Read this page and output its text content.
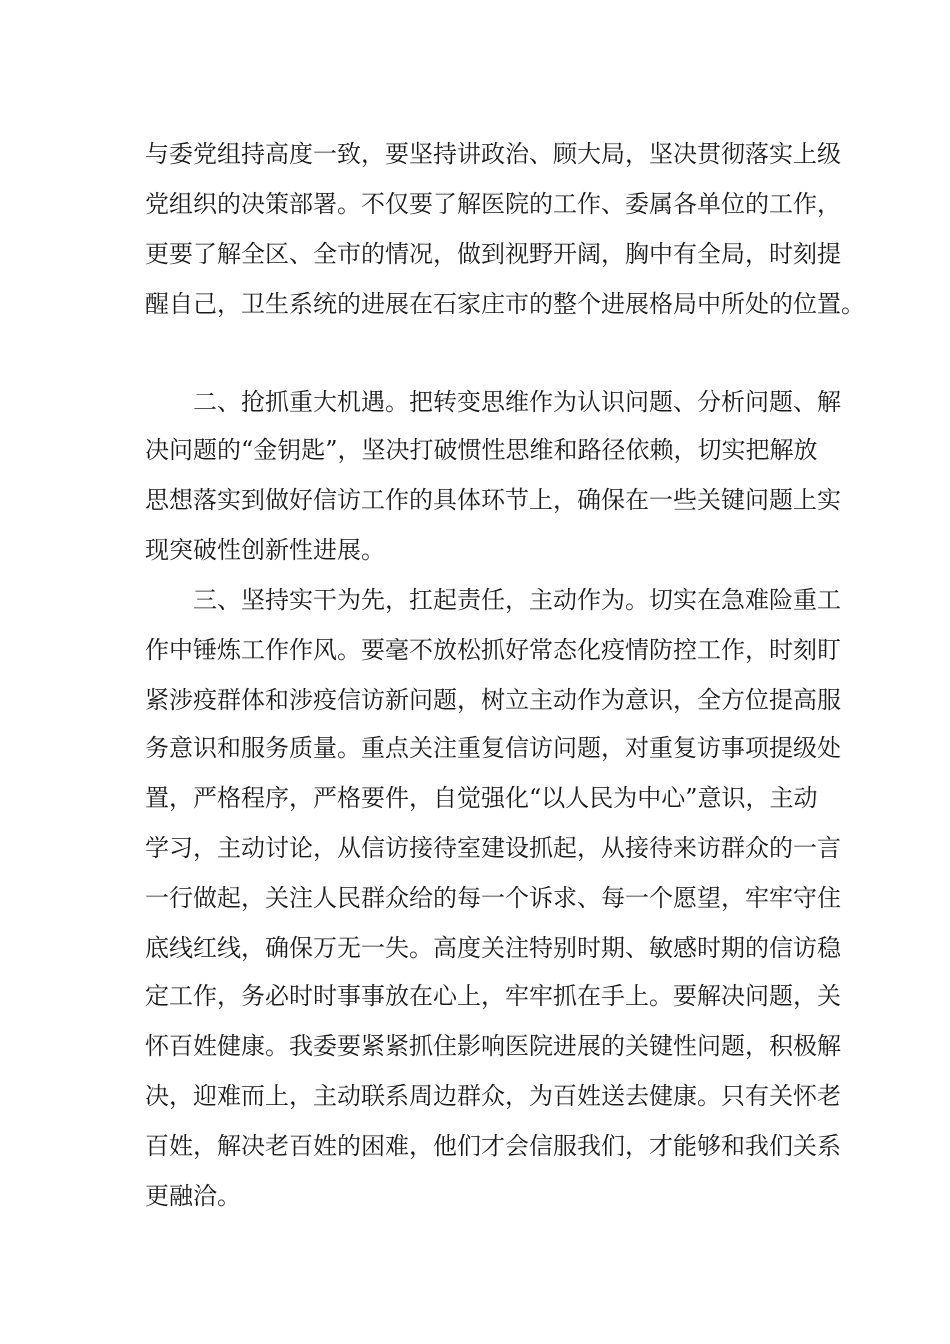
与委党组持高度一致，要坚持讲政治、顾大局，坚决贯彻落实上级
党组织的决策部署。不仅要了解医院的工作、委属各单位的工作，
更要了解全区、全市的情况，做到视野开阔，胸中有全局，时刻提
醒自己，卫生系统的进展在石家庄市的整个进展格局中所处的位置。
二、抢抓重大机遇。把转变思维作为认识问题、分析问题、解
决问题的“金钥匙”，坚决打破惯性思维和路径依赖，切实把解放
思想落实到做好信访工作的具体环节上，确保在一些关键问题上实
现突破性创新性进展。
三、坚持实干为先，扛起责任，主动作为。切实在急难险重工
作中锤炼工作作风。要毫不放松抓好常态化疫情防控工作，时刻盯
紧涉疫群体和涉疫信访新问题，树立主动作为意识，全方位提高服
务意识和服务质量。重点关注重复信访问题，对重复访事项提级处
置，严格程序，严格要件，自觉强化“以人民为中心”意识，主动
学习，主动讨论，从信访接待室建设抓起，从接待来访群众的一言
一行做起，关注人民群众给的每一个诉求、每一个愿望，牢牢守住
底线红线，确保万无一失。高度关注特别时期、敏感时期的信访稳
定工作，务必时时事事放在心上，牢牢抓在手上。要解决问题，关
怀百姓健康。我委要紧紧抓住影响医院进展的关键性问题，积极解
决，迎难而上，主动联系周边群众，为百姓送去健康。只有关怀老
百姓，解决老百姓的困难，他们才会信服我们，才能够和我们关系
更融洽。
